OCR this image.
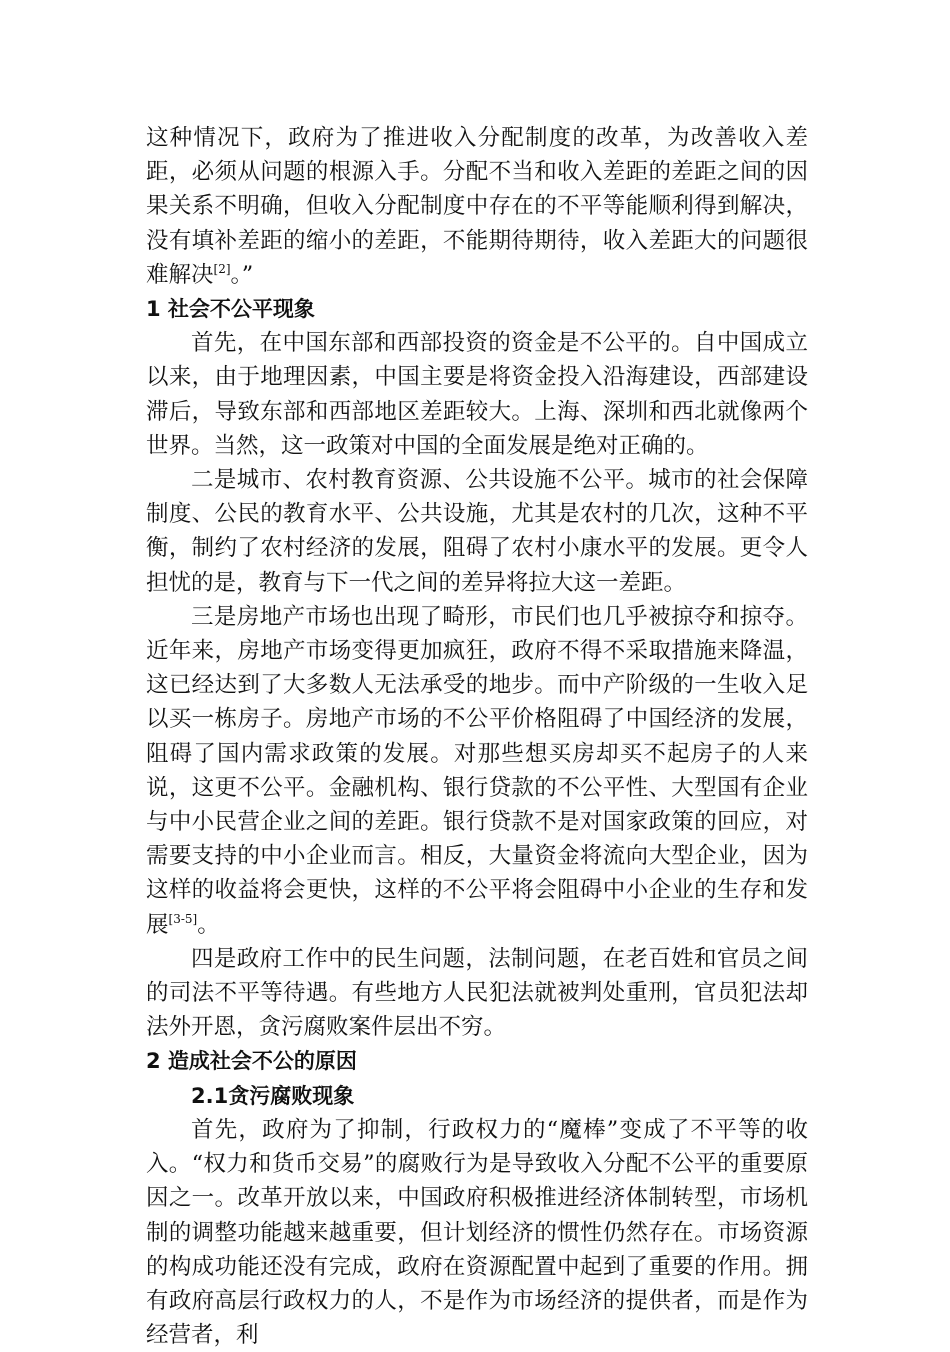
这种情况下，政府为了推进收入分配制度的改革，为改善收入差距，必须从问题的根源入手。分配不当和收入差距的差距之间的因果关系不明确，但收入分配制度中存在的不平等能顺利得到解决，没有填补差距的缩小的差距，不能期待期待，收入差距大的问题很难解决[2]。”

1 社会不公平现象

首先，在中国东部和西部投资的资金是不公平的。自中国成立以来，由于地理因素，中国主要是将资金投入沿海建设，西部建设滞后，导致东部和西部地区差距较大。上海、深圳和西北就像两个世界。当然，这一政策对中国的全面发展是绝对正确的。

二是城市、农村教育资源、公共设施不公平。城市的社会保障制度、公民的教育水平、公共设施，尤其是农村的几次，这种不平衡，制约了农村经济的发展，阻碍了农村小康水平的发展。更令人担忧的是，教育与下一代之间的差异将拉大这一差距。

三是房地产市场也出现了畸形，市民们也几乎被掠夺和掠夺。近年来，房地产市场变得更加疯狂，政府不得不采取措施来降温，这已经达到了大多数人无法承受的地步。而中产阶级的一生收入足以买一栋房子。房地产市场的不公平价格阻碍了中国经济的发展，阻碍了国内需求政策的发展。对那些想买房却买不起房子的人来说，这更不公平。金融机构、银行贷款的不公平性、大型国有企业与中小民营企业之间的差距。银行贷款不是对国家政策的回应，对需要支持的中小企业而言。相反，大量资金将流向大型企业，因为这样的收益将会更快，这样的不公平将会阻碍中小企业的生存和发展[3-5]。

四是政府工作中的民生问题，法制问题，在老百姓和官员之间的司法不平等待遇。有些地方人民犯法就被判处重刑，官员犯法却法外开恩，贪污腐败案件层出不穷。

2 造成社会不公的原因

2.1贪污腐败现象

首先，政府为了抑制，行政权力的“魔棒”变成了不平等的收入。“权力和货币交易”的腐败行为是导致收入分配不公平的重要原因之一。改革开放以来，中国政府积极推进经济体制转型，市场机制的调整功能越来越重要，但计划经济的惯性仍然存在。市场资源的构成功能还没有完成，政府在资源配置中起到了重要的作用。拥有政府高层行政权力的人，不是作为市场经济的提供者，而是作为经营者，利
